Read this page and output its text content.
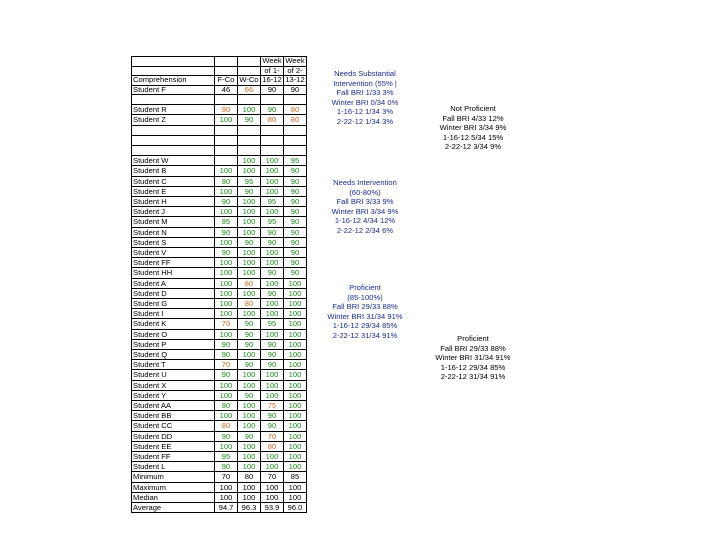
			Week	Week
			of 1-	of 2-
Comprehension	F-Co	W-Co	16-12	13-12
Student F	46	66	90	90

Student R	90	100	90	80
Student Z	100	90	80	80

Student W		100	100	95
Student B	100	100	100	90
Student C	90	95	100	90
Student E	100	90	100	90
Student H	90	100	95	90
Student J	100	100	100	90
Student M	95	100	95	90
Student N	90	100	90	90
Student S	100	90	90	90
Student V	90	100	100	90
Student FF	100	100	100	90
Student HH	100	100	90	90
Student A	100	80	100	100
Student D	100	100	90	100
Student G	100	80	100	100
Student I	100	100	100	100
Student K	70	90	95	100
Student O	100	90	100	100
Student P	90	90	90	100
Student Q	90	100	90	100
Student T	70	90	90	100
Student U	90	100	100	100
Student X	100	100	100	100
Student Y	100	90	100	100
Student AA	90	100	75	100
Student BB	100	100	90	100
Student CC	80	100	90	100
Student DD	90	90	70	100
Student EE	100	100	80	100
Student FF	95	100	100	100
Student L	90	100	100	100
Minimum	70	80	70	85
Maximum	100	100	100	100
Median	100	100	100	100
Average	94.7	96.3	93.9	96.0
Needs Substantial
Intervention (55% |
Fall BRI 1/33 3%
Winter BRI 0/34 0%
1-16-12 1/34 3%
2-22-12 1/34 3%
Needs Intervention
(60-80%)
Fall BRI 3/33 9%
Winter BRI 3/34 9%
1-16-12 4/34 12%
2-22-12 2/34 6%
Proficient
(85-100%)
Fall BRI 29/33 88%
Winter BRI 31/34 91%
1-16-12 29/34 85%
2-22-12 31/34 91%
Not Proficient
Fall BRI 4/33 12%
Winter BRI 3/34 9%
1-16-12 5/34 15%
2-22-12 3/34 9%
Proficient
Fall BRI 29/33 88%
Winter BRI 31/34 91%
1-16-12 29/34 85%
2-22-12 31/34 91%
